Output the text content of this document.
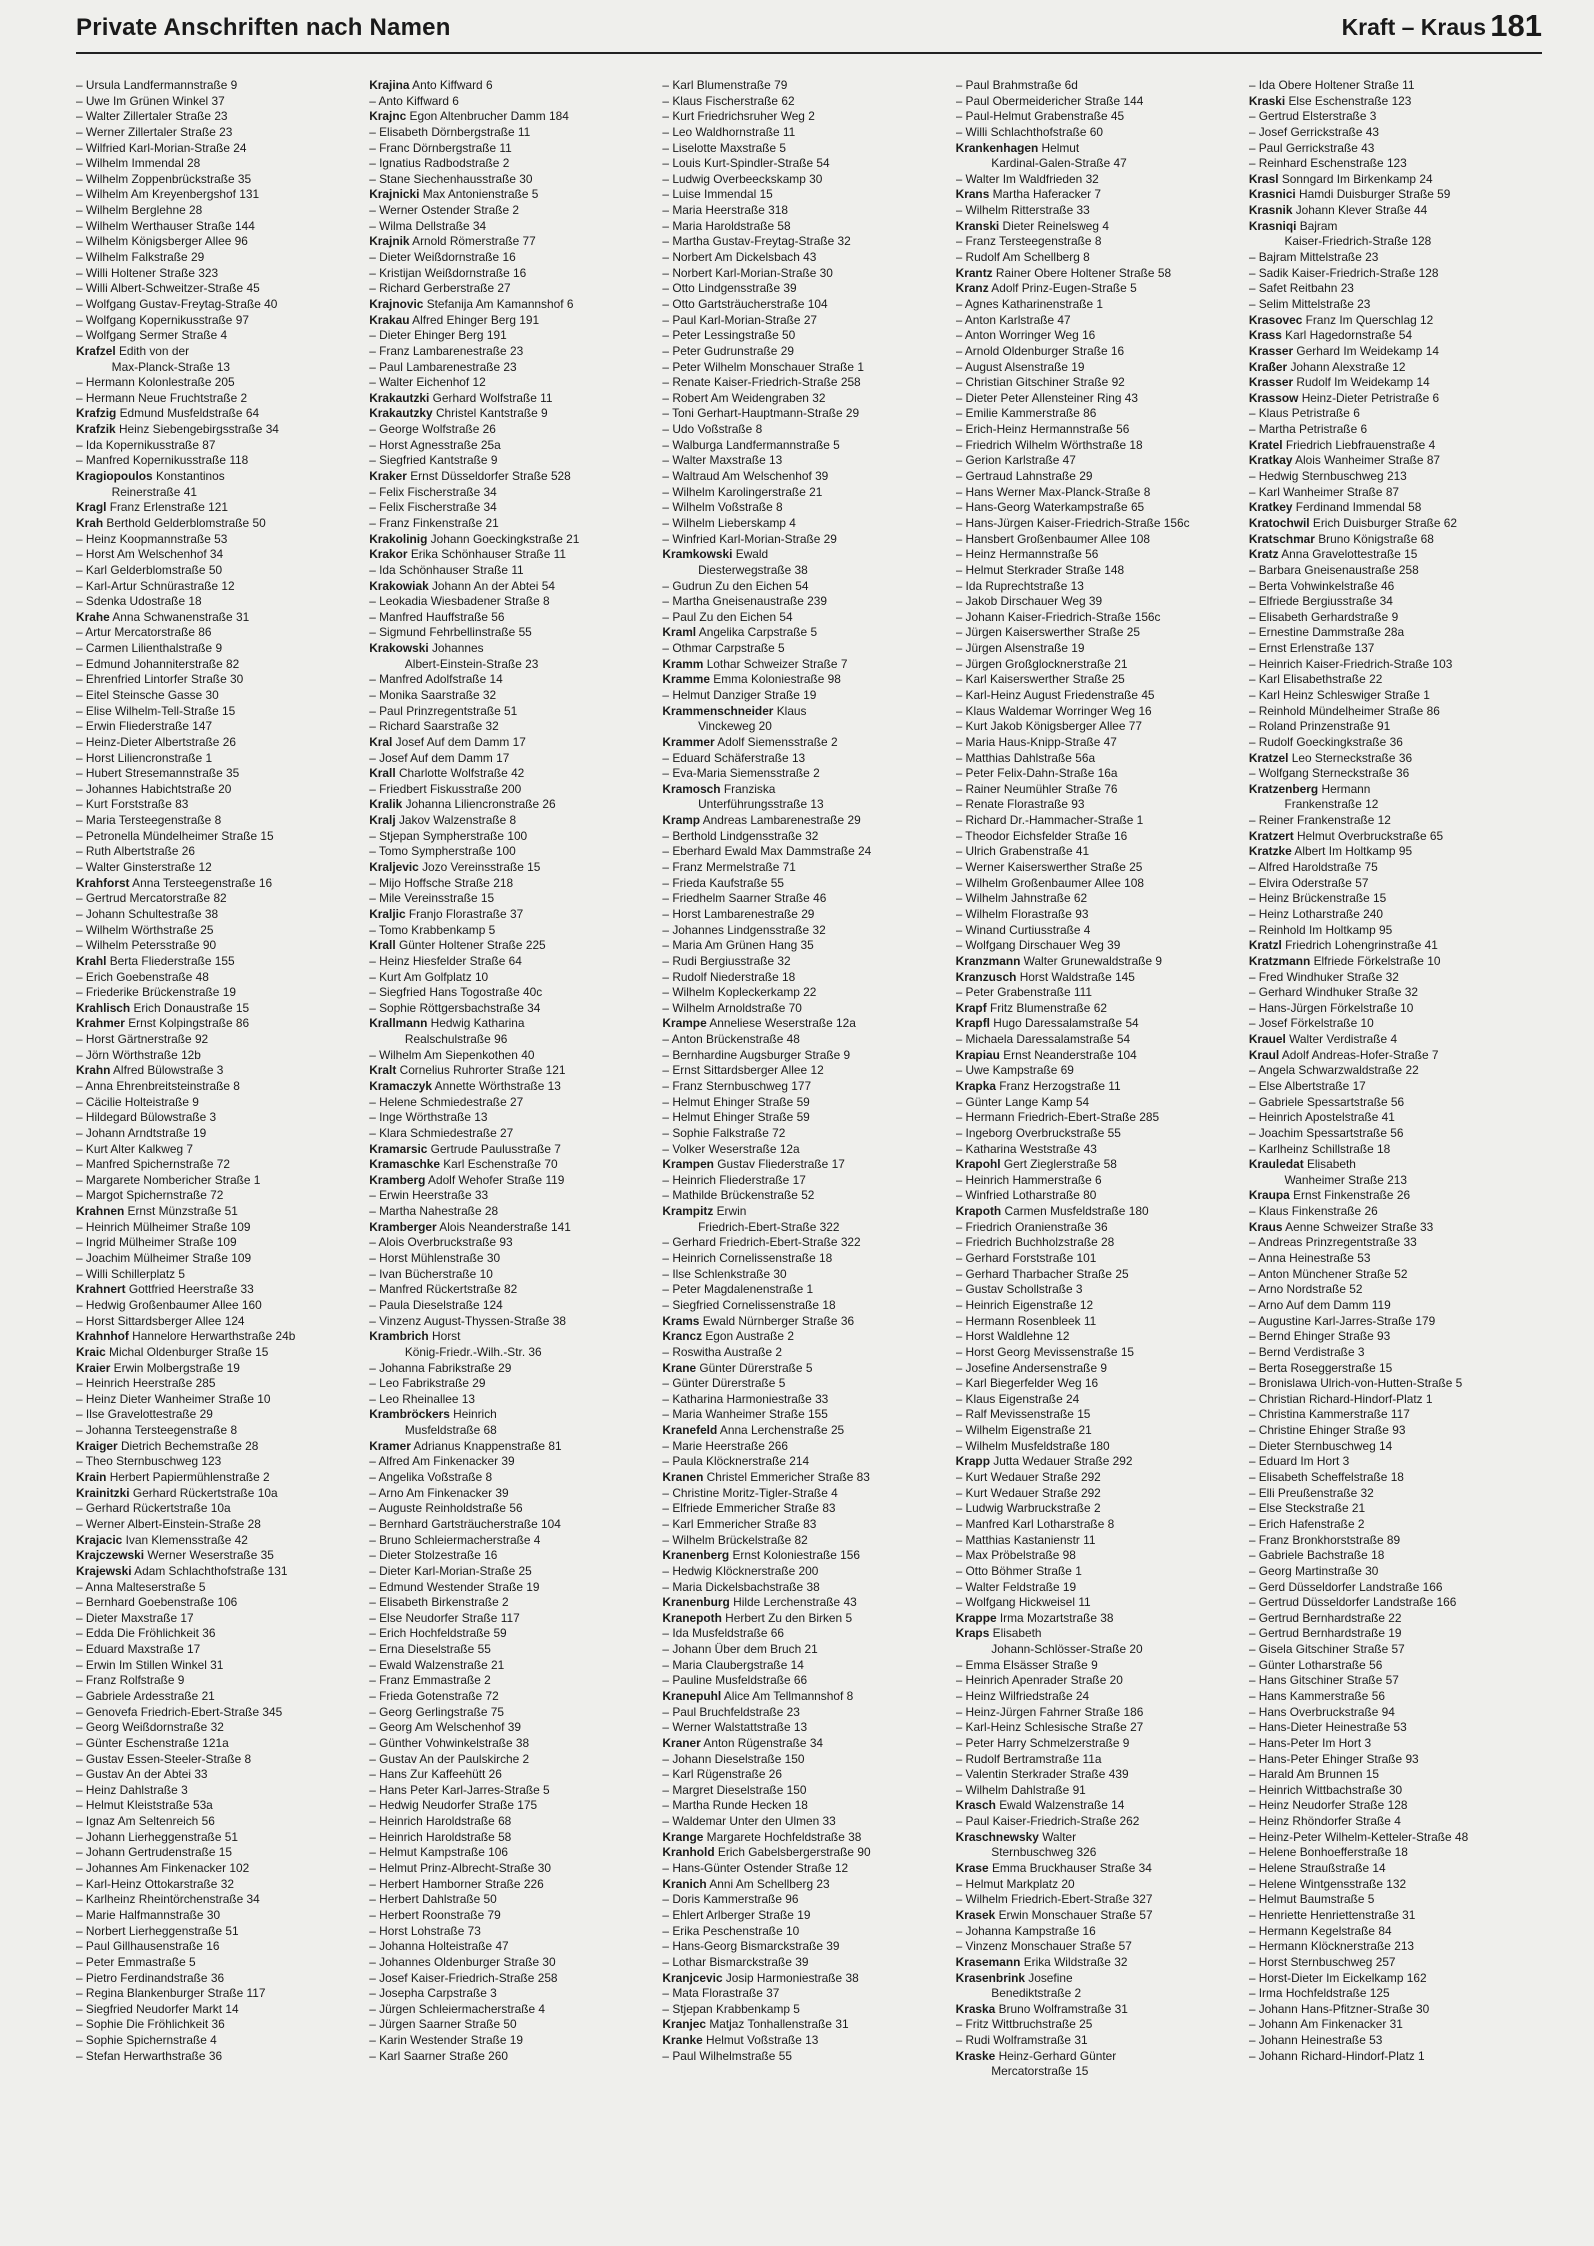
Private Anschriften nach Namen	Kraft – Kraus 181
– Ursula Landfermannstraße 9
– Uwe Im Grünen Winkel 37
– Walter Zillertaler Straße 23
– Werner Zillertaler Straße 23
– Wilfried Karl-Morian-Straße 24
– Wilhelm Immendal 28
– Wilhelm Zoppenbrückstraße 35
– Wilhelm Am Kreyenbergshof 131
– Wilhelm Berglehne 28
– Wilhelm Werthauser Straße 144
– Wilhelm Königsberger Allee 96
– Wilhelm Falkstraße 29
– Willi Holtener Straße 323
– Willi Albert-Schweitzer-Straße 45
– Wolfgang Gustav-Freytag-Straße 40
– Wolfgang Kopernikusstraße 97
– Wolfgang Sermer Straße 4
Krafzel Edith von der
   Max-Planck-Straße 13
– Hermann Kolonlestraße 205
– Hermann Neue Fruchtstraße 2
Krafzig Edmund Musfeldstraße 64
Krafzik Heinz Siebengebirgsstraße 34
– Ida Kopernikusstraße 87
– Manfred Kopernikusstraße 118
Kragiopoulos Konstantinos
   Reinerstraße 41
Kragl Franz Erlenstraße 121
Krah Berthold Gelderblomstraße 50
– Heinz Koopmannstraße 53
– Horst Am Welschenhof 34
– Karl Gelderblomstraße 50
– Karl-Artur Schnürastraße 12
– Sdenka Udostraße 18
Krahe Anna Schwanenstraße 31
– Artur Mercatorstraße 86
– Carmen Lilienthalstraße 9
– Edmund Johanniterstraße 82
– Ehrenfried Lintorfer Straße 30
– Eitel Steinsche Gasse 30
– Elise Wilhelm-Tell-Straße 15
– Erwin Fliederstraße 147
– Heinz-Dieter Albertstraße 26
– Horst Liliencronstraße 1
– Hubert Stresemannstraße 35
– Johannes Habichtstraße 20
– Kurt Forststraße 83
– Maria Tersteegenstraße 8
– Petronella Mündelheimer Straße 15
– Ruth Albertstraße 26
– Walter Ginsterstraße 12
Krahforst Anna Tersteegenstraße 16
– Gertrud Mercatorstraße 82
– Johann Schultestraße 38
– Wilhelm Wörthstraße 25
– Wilhelm Petersstraße 90
Krahl Berta Fliederstraße 155
– Erich Goebenstraße 48
– Friederike Brückenstraße 19
Krahlisch Erich Donaustraße 15
Krahmer Ernst Kolpingstraße 86
– Horst Gärtnerstraße 92
– Jörn Wörthstraße 12b
Krahn Alfred Bülowstraße 3
– Anna Ehrenbreitsteinstraße 8
– Cäcilie Holteistraße 9
– Hildegard Bülowstraße 3
– Johann Arndtstraße 19
– Kurt Alter Kalkweg 7
– Manfred Spichernstraße 72
– Margarete Nombericher Straße 1
– Margot Spichernstraße 72
Krahnen Ernst Münzstraße 51
– Heinrich Mülheimer Straße 109
– Ingrid Mülheimer Straße 109
– Joachim Mülheimer Straße 109
– Willi Schillerplatz 5
Krahnert Gottfried Heerstraße 33
– Hedwig Großenbaumer Allee 160
– Horst Sittardsberger Allee 124
Krahnhof Hannelore Herwarthstraße 24b
Kraic Michal Oldenburger Straße 15
Kraier Erwin Molbergstraße 19
– Heinrich Heerstraße 285
– Heinz Dieter Wanheimer Straße 10
– Ilse Gravelottestraße 29
– Johanna Tersteegenstraße 8
Kraiger Dietrich Bechemstraße 28
– Theo Sternbuschweg 123
Krain Herbert Papiermühlenstraße 2
Krainitzki Gerhard Rückertstraße 10a
– Gerhard Rückertstraße 10a
– Werner Albert-Einstein-Straße 28
Krajacic Ivan Klemensstraße 42
Krajczewski Werner Weserstraße 35
Krajewski Adam Schlachthofstraße 131
– Anna Malteserstraße 5
– Bernhard Goebenstraße 106
– Dieter Maxstraße 17
– Edda Die Fröhlichkeit 36
– Eduard Maxstraße 17
– Erwin Im Stillen Winkel 31
– Franz Rolfstraße 9
– Gabriele Ardesstraße 21
– Genovefa Friedrich-Ebert-Straße 345
– Georg Weißdornstraße 32
– Günter Eschenstraße 121a
– Gustav Essen-Steeler-Straße 8
– Gustav An der Abtei 33
– Heinz Dahlstraße 3
– Helmut Kleiststraße 53a
– Ignaz Am Seltenreich 56
– Johann Lierheggenstraße 51
– Johann Gertrudenstraße 15
– Johannes Am Finkenacker 102
– Karl-Heinz Ottokarstraße 32
– Karlheinz Rheintörchenstraße 34
– Marie Halfmannstraße 30
– Norbert Lierheggenstraße 51
– Paul Gillhausenstraße 16
– Peter Emmastraße 5
– Pietro Ferdinandstraße 36
– Regina Blankenburger Straße 117
– Siegfried Neudorfer Markt 14
– Sophie Die Fröhlichkeit 36
– Sophie Spichernstraße 4
– Stefan Herwarthstraße 36
Krajina Anto Kiffward 6
– Anto Kiffward 6
Krajnc Egon Altenbrucher Damm 184
– Elisabeth Dörnbergstraße 11
– Franc Dörnbergstraße 11
– Ignatius Radbodstraße 2
– Stane Siechenhausstraße 30
Krajnicki Max Antonienstraße 5
– Werner Ostender Straße 2
– Wilma Dellstraße 34
Krajnik Arnold Römerstraße 77
– Dieter Weißdornstraße 16
– Kristijan Weißdornstraße 16
– Richard Gerberstraße 27
Krajnovic Stefanija Am Kamannshof 6
Krakau Alfred Ehinger Berg 191
– Dieter Ehinger Berg 191
– Franz Lambarenestraße 23
– Paul Lambarenestraße 23
– Walter Eichenhof 12
Krakautzki Gerhard Wolfstraße 11
Krakautzky Christel Kantstraße 9
– George Wolfstraße 26
– Horst Agnesstraße 25a
– Siegfried Kantstraße 9
Kraker Ernst Düsseldorfer Straße 528
– Felix Fischerstraße 34
– Felix Fischerstraße 34
– Franz Finkenstraße 21
Krakolinig Johann Goeckingkstraße 21
Krakor Erika Schönhauser Straße 11
– Ida Schönhauser Straße 11
Krakowiak Johann An der Abtei 54
– Leokadia Wiesbadener Straße 8
– Manfred Hauffstraße 56
– Sigmund Fehrbellinstraße 55
Krakowski Johannes
   Albert-Einstein-Straße 23
– Manfred Adolfstraße 14
– Monika Saarstraße 32
– Paul Prinzregentstraße 51
– Richard Saarstraße 32
Kral Josef Auf dem Damm 17
– Josef Auf dem Damm 17
Krall Charlotte Wolfstraße 42
– Friedbert Fiskusstraße 200
Kralik Johanna Liliencronstraße 26
Kralj Jakov Walzenstraße 8
– Stjepan Sympherstraße 100
– Tomo Sympherstraße 100
Kraljevic Jozo Vereinsstraße 15
– Mijo Hoffsche Straße 218
– Mile Vereinsstraße 15
Kraljic Franjo Florastraße 37
– Tomo Krabbenkamp 5
Krall Günter Holtener Straße 225
– Heinz Hiesfelder Straße 64
– Kurt Am Golfplatz 10
– Siegfried Hans Togostraße 40c
– Sophie Röttgersbachstraße 34
Krallmann Hedwig Katharina
   Realschulstraße 96
– Wilhelm Am Siepenkothen 40
Kralt Cornelius Ruhrorter Straße 121
Kramaczyk Annette Wörthstraße 13
– Helene Schmiedestraße 27
– Inge Wörthstraße 13
– Klara Schmiedestraße 27
Kramarsic Gertrude Paulusstraße 7
Kramaschke Karl Eschenstraße 70
Kramberg Adolf Wehofer Straße 119
– Erwin Heerstraße 33
– Martha Nahestraße 28
Kramberger Alois Neanderstraße 141
– Alois Overbruckstraße 93
– Horst Mühlenstraße 30
– Ivan Bücherstraße 10
– Manfred Rückertstraße 82
– Paula Dieselstraße 124
– Vinzenz August-Thyssen-Straße 38
Krambrich Horst
   König-Friedr.-Wilh.-Str. 36
– Johanna Fabrikstraße 29
– Leo Fabrikstraße 29
– Leo Rheinallee 13
Krambröckers Heinrich
   Musfeldstraße 68
Kramer Adrianus Knappenstraße 81
– Alfred Am Finkenacker 39
– Angelika Voßstraße 8
– Arno Am Finkenacker 39
– Auguste Reinholdstraße 56
– Bernhard Gartsträucherstraße 104
– Bruno Schleiermacherstraße 4
– Dieter Stolzestraße 16
– Dieter Karl-Morian-Straße 25
– Edmund Westender Straße 19
– Elisabeth Birkenstraße 2
– Else Neudorfer Straße 117
– Erich Hochfeldstraße 59
– Erna Dieselstraße 55
– Ewald Walzenstraße 21
– Franz Emmastraße 2
– Frieda Gotenstraße 72
– Georg Gerlingstraße 75
– Georg Am Welschenhof 39
– Günther Vohwinkelstraße 38
– Gustav An der Paulskirche 2
– Hans Zur Kaffeehütt 26
– Hans Peter Karl-Jarres-Straße 5
– Hedwig Neudorfer Straße 175
– Heinrich Haroldstraße 68
– Heinrich Haroldstraße 58
– Helmut Kampstraße 106
– Helmut Prinz-Albrecht-Straße 30
– Herbert Hamborner Straße 226
– Herbert Dahlstraße 50
– Herbert Roonstraße 79
– Horst Lohstraße 73
– Johanna Holteistraße 47
– Johannes Oldenburger Straße 30
– Josef Kaiser-Friedrich-Straße 258
– Josepha Carpstraße 3
– Jürgen Schleiermacherstraße 4
– Jürgen Saarner Straße 50
– Karin Westender Straße 19
– Karl Saarner Straße 260
– Karl Blumenstraße 79
– Klaus Fischerstraße 62
– Kurt Friedrichsruher Weg 2
– Leo Waldhornstraße 11
– Liselotte Maxstraße 5
– Louis Kurt-Spindler-Straße 54
– Ludwig Overbeeckskamp 30
– Luise Immendal 15
– Maria Heerstraße 318
– Maria Haroldstraße 58
– Martha Gustav-Freytag-Straße 32
– Norbert Am Dickelsbach 43
– Norbert Karl-Morian-Straße 30
– Otto Lindgensstraße 39
– Otto Gartsträucherstraße 104
– Paul Karl-Morian-Straße 27
– Peter Lessingstraße 50
– Peter Gudrunstraße 29
– Peter Wilhelm Monschauer Straße 1
– Renate Kaiser-Friedrich-Straße 258
– Robert Am Weidengraben 32
– Toni Gerhart-Hauptmann-Straße 29
– Udo Voßstraße 8
– Walburga Landfermannstraße 5
– Walter Maxstraße 13
– Waltraud Am Welschenhof 39
– Wilhelm Karolingerstraße 21
– Wilhelm Voßstraße 8
– Wilhelm Lieberskamp 4
– Winfried Karl-Morian-Straße 29
Kramkowski Ewald
   Diesterwegstraße 38
– Gudrun Zu den Eichen 54
– Martha Gneisenaustraße 239
– Paul Zu den Eichen 54
Kraml Angelika Carpstraße 5
– Othmar Carpstraße 5
Kramm Lothar Schweizer Straße 7
Kramme Emma Koloniestraße 98
– Helmut Danziger Straße 19
Krammenschneider Klaus
   Vinckeweg 20
Krammer Adolf Siemensstraße 2
– Eduard Schäferstraße 13
– Eva-Maria Siemensstraße 2
Kramosch Franziska
   Unterführungsstraße 13
Kramp Andreas Lambarenestraße 29
– Berthold Lindgensstraße 32
– Eberhard Ewald Max Dammstraße 24
– Franz Mermelstraße 71
– Frieda Kaufstraße 55
– Friedhelm Saarner Straße 46
– Horst Lambarenestraße 29
– Johannes Lindgensstraße 32
– Maria Am Grünen Hang 35
– Rudi Bergiusstraße 32
– Rudolf Niederstraße 18
– Wilhelm Koplecker​kamp 22
– Wilhelm Arnoldstraße 70
Krampe Anneliese Weserstraße 12a
– Anton Brückenstraße 48
– Bernhardine Augsburger Straße 9
– Ernst Sittardsberger Allee 12
– Franz Sternbuschweg 177
– Helmut Ehinger Straße 59
– Helmut Ehinger Straße 59
– Sophie Falkstraße 72
– Volker Weserstraße 12a
Krampen Gustav Fliederstraße 17
– Heinrich Fliederstraße 17
– Mathilde Brückenstraße 52
Krampitz Erwin
   Friedrich-Ebert-Straße 322
– Gerhard Friedrich-Ebert-Straße 322
– Heinrich Cornelissenstraße 18
– Ilse Schlenkstraße 30
– Peter Magdalenenstraße 1
– Siegfried Cornelissenstraße 18
Krams Ewald Nürnberger Straße 36
Krancz Egon Austraße 2
– Roswitha Austraße 2
Krane Günter Dürerstraße 5
– Günter Dürerstraße 5
– Katharina Harmoniestraße 33
– Maria Wanheimer Straße 155
Kranefeld Anna Lerchenstraße 25
– Marie Heerstraße 266
– Paula Klöcknerstraße 214
Kranen Christel Emmericher Straße 83
– Christine Moritz-Tigler-Straße 4
– Elfriede Emmericher Straße 83
– Karl Emmericher Straße 83
– Wilhelm Brückelstraße 82
Kranenberg Ernst Koloniestraße 156
– Hedwig Klöcknerstraße 200
– Maria Dickelsbachstraße 38
Kranenburg Hilde Lerchenstraße 43
Kranepoth Herbert Zu den Birken 5
– Ida Musfeldstraße 66
– Johann Über dem Bruch 21
– Maria Claubergstraße 14
– Pauline Musfeldstraße 66
Kranepuhl Alice Am Tellmannshof 8
– Paul Bruchfeldstraße 23
– Werner Walstattstraße 13
Kraner Anton Rügenstraße 34
– Johann Dieselstraße 150
– Karl Rügenstraße 26
– Margret Dieselstraße 150
– Martha Runde Hecken 18
– Waldemar Unter den Ulmen 33
Krange Margarete Hochfeldstraße 38
Kranhold Erich Gabelsbergerstraße 90
– Hans-Günter Ostender Straße 12
Kranich Anni Am Schellberg 23
– Doris Kammerstraße 96
– Ehlert Arlberger Straße 19
– Erika Peschenstraße 10
– Hans-Georg Bismarckstraße 39
– Lothar Bismarckstraße 39
Kranjcevic Josip Harmoniestraße 38
– Mata Florastraße 37
– Stjepan Krabbenkamp 5
Kranjec Matjaz Tonhallenstraße 31
Kranke Helmut Voßstraße 13
– Paul Wilhelmstraße 55
– Paul Brahmstraße 6d
– Paul Obermeidericher Straße 144
– Paul-Helmut Grabenstraße 45
– Willi Schlachthofstraße 60
Krankenhagen Helmut
   Kardinal-Galen-Straße 47
– Walter Im Waldfrieden 32
Krans Martha Haferacker 7
– Wilhelm Ritterstraße 33
Kranski Dieter Reinelsweg 4
– Franz Tersteegenstraße 8
– Rudolf Am Schellberg 8
Krantz Rainer Obere Holtener Straße 58
Kranz Adolf Prinz-Eugen-Straße 5
– Agnes Katharinenstraße 1
– Anton Karlstraße 47
– Anton Worringer Weg 16
– Arnold Oldenburger Straße 16
– August Alsenstraße 19
– Christian Gitschiner Straße 92
– Dieter Peter Allensteiner Ring 43
– Emilie Kammerstraße 86
– Erich-Heinz Hermannstraße 56
– Friedrich Wilhelm Wörthstraße 18
– Gerion Karlstraße 47
– Gertraud Lahnstraße 29
– Hans Werner Max-Planck-Straße 8
– Hans-Georg Waterkampstraße 65
– Hans-Jürgen Kaiser-Friedrich-Straße 156c
– Hansbert Großenbaumer Allee 108
– Heinz Hermannstraße 56
– Helmut Sterkrader Straße 148
– Ida Ruprechtstraße 13
– Jakob Dirschauer Weg 39
– Johann Kaiser-Friedrich-Straße 156c
– Jürgen Kaiserswerther Straße 25
– Jürgen Alsenstraße 19
– Jürgen Großglocknerstraße 21
– Karl Kaiserswerther Straße 25
– Karl-Heinz August Friedenstraße 45
– Klaus Waldemar Worringer Weg 16
– Kurt Jakob Königsberger Allee 77
– Maria Haus-Knipp-Straße 47
– Matthias Dahlstraße 56a
– Peter Felix-Dahn-Straße 16a
– Rainer Neumühler Straße 76
– Renate Florastraße 93
– Richard Dr.-Hammacher-Straße 1
– Theodor Eichsfelder Straße 16
– Ulrich Grabenstraße 41
– Werner Kaiserswerther Straße 25
– Wilhelm Großenbaumer Allee 108
– Wilhelm Jahnstraße 62
– Wilhelm Florastraße 93
– Winand Curtiusstraße 4
– Wolfgang Dirschauer Weg 39
Kranzmann Walter Grunewaldstraße 9
Kranzusch Horst Waldstraße 145
– Peter Grabenstraße 111
Krapf Fritz Blumenstraße 62
Krapfl Hugo Daressalamstraße 54
– Michaela Daressalamstraße 54
Krapiau Ernst Neanderstraße 104
– Uwe Kampstraße 69
Krapka Franz Herzogstraße 11
– Günter Lange Kamp 54
– Hermann Friedrich-Ebert-Straße 285
– Ingeborg Overbruckstraße 55
– Katharina Weststraße 43
Krapohl Gert Zieglerstraße 58
– Heinrich Hammerstraße 6
– Winfried Lotharstraße 80
Krapoth Carmen Musfeldstraße 180
– Friedrich Oranienstraße 36
– Friedrich Buchholzstraße 28
– Gerhard Forststraße 101
– Gerhard Tharbacher Straße 25
– Gustav Schollstraße 3
– Heinrich Eigenstraße 12
– Hermann Rosenbleek 11
– Horst Waldlehne 12
– Horst Georg Mevissenstraße 15
– Josefine Andersenstraße 9
– Karl Biegerfelder Weg 16
– Klaus Eigenstraße 24
– Ralf Mevissenstraße 15
– Wilhelm Eigenstraße 21
– Wilhelm Musfeldstraße 180
Krapp Jutta Wedauer Straße 292
– Kurt Wedauer Straße 292
– Kurt Wedauer Straße 292
– Ludwig Warbruckstraße 2
– Manfred Karl Lotharstraße 8
– Matthias Kastanienstr 11
– Max Pröbelstraße 98
– Otto Böhmer Straße 1
– Walter Feldstraße 19
– Wolfgang Hickweisel 11
Krappe Irma Mozartstraße 38
Kraps Elisabeth
   Johann-Schlösser-Straße 20
– Emma Elsässer Straße 9
– Heinrich Apenrader Straße 20
– Heinz Wilfriedstraße 24
– Heinz-Jürgen Fahrner Straße 186
– Karl-Heinz Schlesische Straße 27
– Peter Harry Schmelzerstraße 9
– Rudolf Bertramstraße 11a
– Valentin Sterkrader Straße 439
– Wilhelm Dahlstraße 91
Krasch Ewald Walzenstraße 14
– Paul Kaiser-Friedrich-Straße 262
Kraschnewsky Walter
   Sternbuschweg 326
Krase Emma Bruckhauser Straße 34
– Helmut Markplatz 20
– Wilhelm Friedrich-Ebert-Straße 327
Krasek Erwin Monschauer Straße 57
– Johanna Kampstraße 16
– Vinzenz Monschauer Straße 57
Krasemann Erika Wildstraße 32
Krasenbrink Josefine
   Benediktstraße 2
Kraska Bruno Wolframstraße 31
– Fritz Wittbruchstraße 25
– Rudi Wolframstraße 31
Kraske Heinz-Gerhard Günter
   Mercatorstraße 15
– Ida Obere Holtener Straße 11
Kraski Else Eschenstraße 123
– Gertrud Elsterstraße 3
– Josef Gerrickstraße 43
– Paul Gerrickstraße 43
– Reinhard Eschenstraße 123
Krasl Sonngard Im Birkenkamp 24
Krasnici Hamdi Duisburger Straße 59
Krasnik Johann Klever Straße 44
Krasniqi Bajram
   Kaiser-Friedrich-Straße 128
– Bajram Mittelstraße 23
– Sadik Kaiser-Friedrich-Straße 128
– Safet Reitbahn 23
– Selim Mittelstraße 23
Krasovec Franz Im Querschlag 12
Krass Karl Hagedornstraße 54
Krasser Gerhard Im Weidekamp 14
Kraßer Johann Alexstraße 12
Krasser Rudolf Im Weidekamp 14
Krassow Heinz-Dieter Petristraße 6
– Klaus Petristraße 6
– Martha Petristraße 6
Kratel Friedrich Liebfrauenstraße 4
Kratkay Alois Wanheimer Straße 87
– Hedwig Sternbuschweg 213
– Karl Wanheimer Straße 87
Kratkey Ferdinand Immendal 58
Kratochwil Erich Duisburger Straße 62
Kratschmar Bruno Königstraße 68
Kratz Anna Gravelottestraße 15
– Barbara Gneisenaustraße 258
– Berta Vohwinkelstraße 46
– Elfriede Bergiusstraße 34
– Elisabeth Gerhardstraße 9
– Ernestine Dammstraße 28a
– Ernst Erlenstraße 137
– Heinrich Kaiser-Friedrich-Straße 103
– Karl Elisabethstraße 22
– Karl Heinz Schleswiger Straße 1
– Reinhold Mündelheimer Straße 86
– Roland Prinzenstraße 91
– Rudolf Goeckingkstraße 36
Kratzel Leo Sterneckstraße 36
– Wolfgang Sterneckstraße 36
Kratzenberg Hermann
   Frankenstraße 12
– Reiner Frankenstraße 12
Kratzert Helmut Overbruckstraße 65
Kratzke Albert Im Holtkamp 95
– Alfred Haroldstraße 75
– Elvira Oderstraße 57
– Heinz Brückenstraße 15
– Heinz Lotharstraße 240
– Reinhold Im Holtkamp 95
Kratzl Friedrich Lohengrinstraße 41
Kratzmann Elfriede Förkelstraße 10
– Fred Windhuker Straße 32
– Gerhard Windhuker Straße 32
– Hans-Jürgen Förkelstraße 10
– Josef Förkelstraße 10
Krauel Walter Verdistraße 4
Kraul Adolf Andreas-Hofer-Straße 7
– Angela Schwarzwaldstraße 22
– Else Albertstraße 17
– Gabriele Spessartstraße 56
– Heinrich Apostelstraße 41
– Joachim Spessartstraße 56
– Karlheinz Schillstraße 18
Krauledat Elisabeth
   Wanheimer Straße 213
Kraupa Ernst Finkenstraße 26
– Klaus Finkenstraße 26
Kraus Aenne Schweizer Straße 33
– Andreas Prinzregentstraße 33
– Anna Heinestraße 53
– Anton Münchener Straße 52
– Arno Nordstraße 52
– Arno Auf dem Damm 119
– Augustine Karl-Jarres-Straße 179
– Bernd Ehinger Straße 93
– Bernd Verdistraße 3
– Berta Roseggerstraße 15
– Bronislawa Ulrich-von-Hutten-Straße 5
– Christian Richard-Hindorf-Platz 1
– Christina Kammerstraße 117
– Christine Ehinger Straße 93
– Dieter Sternbuschweg 14
– Eduard Im Hort 3
– Elisabeth Scheffelstraße 18
– Elli Preußenstraße 32
– Else Steckstraße 21
– Erich Hafenstraße 2
– Franz Bronkhorststraße 89
– Gabriele Bachstraße 18
– Georg Martinstraße 30
– Gerd Düsseldorfer Landstraße 166
– Gertrud Düsseldorfer Landstraße 166
– Gertrud Bernhardstraße 22
– Gertrud Bernhardstraße 19
– Gisela Gitschiner Straße 57
– Günter Lotharstraße 56
– Hans Gitschiner Straße 57
– Hans Kammerstraße 56
– Hans Overbruckstraße 94
– Hans-Dieter Heinestraße 53
– Hans-Peter Im Hort 3
– Hans-Peter Ehinger Straße 93
– Harald Am Brunnen 15
– Heinrich Wittbachstraße 30
– Heinz Neudorfer Straße 128
– Heinz Rhöndorfer Straße 4
– Heinz-Peter Wilhelm-Ketteler-Straße 48
– Helene Bonhoefferstraße 18
– Helene Straußstraße 14
– Helene Wintgensstraße 132
– Helmut Baumstraße 5
– Henriette Henriettenstraße 31
– Hermann Kegelstraße 84
– Hermann Klöcknerstraße 213
– Horst Sternbuschweg 257
– Horst-Dieter Im Eickelkamp 162
– Irma Hochfeldstraße 125
– Johann Hans-Pfitzner-Straße 30
– Johann Am Finkenacker 31
– Johann Heinestraße 53
– Johann Richard-Hindorf-Platz 1
